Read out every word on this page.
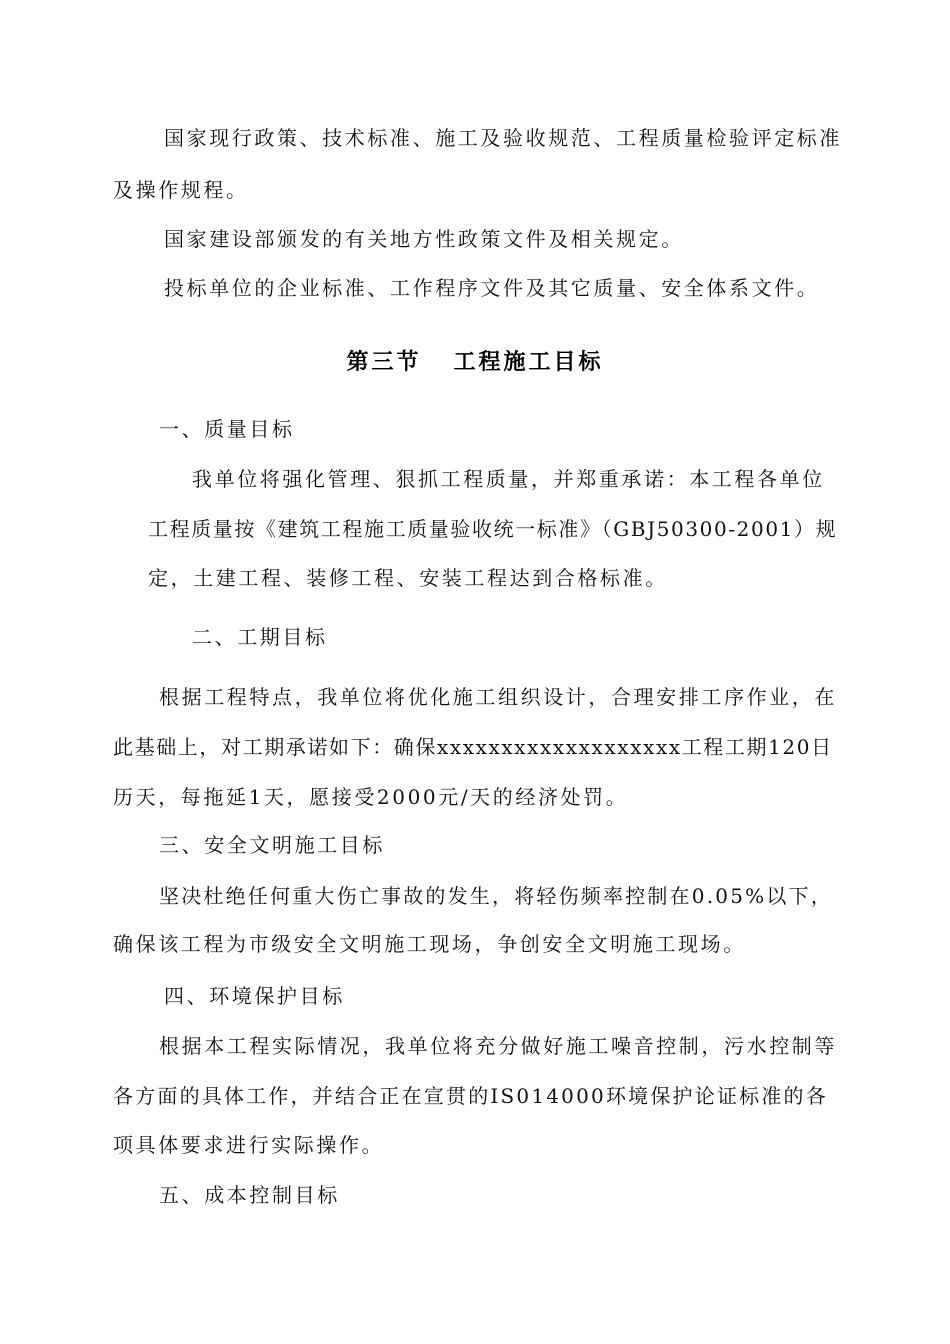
国家现行政策、技术标准、施工及验收规范、工程质量检验评定标准
及操作规程。
国家建设部颁发的有关地方性政策文件及相关规定。
投标单位的企业标准、工作程序文件及其它质量、安全体系文件。
第三节   工程施工目标
一、质量目标
我单位将强化管理、狠抓工程质量，并郑重承诺：本工程各单位
工程质量按《建筑工程施工质量验收统一标准》（GBJ50300-2001）规
定，土建工程、装修工程、安装工程达到合格标准。
二、工期目标
根据工程特点，我单位将优化施工组织设计，合理安排工序作业，在
此基础上，对工期承诺如下：确保xxxxxxxxxxxxxxxxxxx工程工期120日
历天，每拖延1天，愿接受2000元/天的经济处罚。
三、安全文明施工目标
坚决杜绝任何重大伤亡事故的发生，将轻伤频率控制在0.05%以下，
确保该工程为市级安全文明施工现场，争创安全文明施工现场。
四、环境保护目标
根据本工程实际情况，我单位将充分做好施工噪音控制，污水控制等
各方面的具体工作，并结合正在宣贯的IS014000环境保护论证标准的各
项具体要求进行实际操作。
五、成本控制目标
